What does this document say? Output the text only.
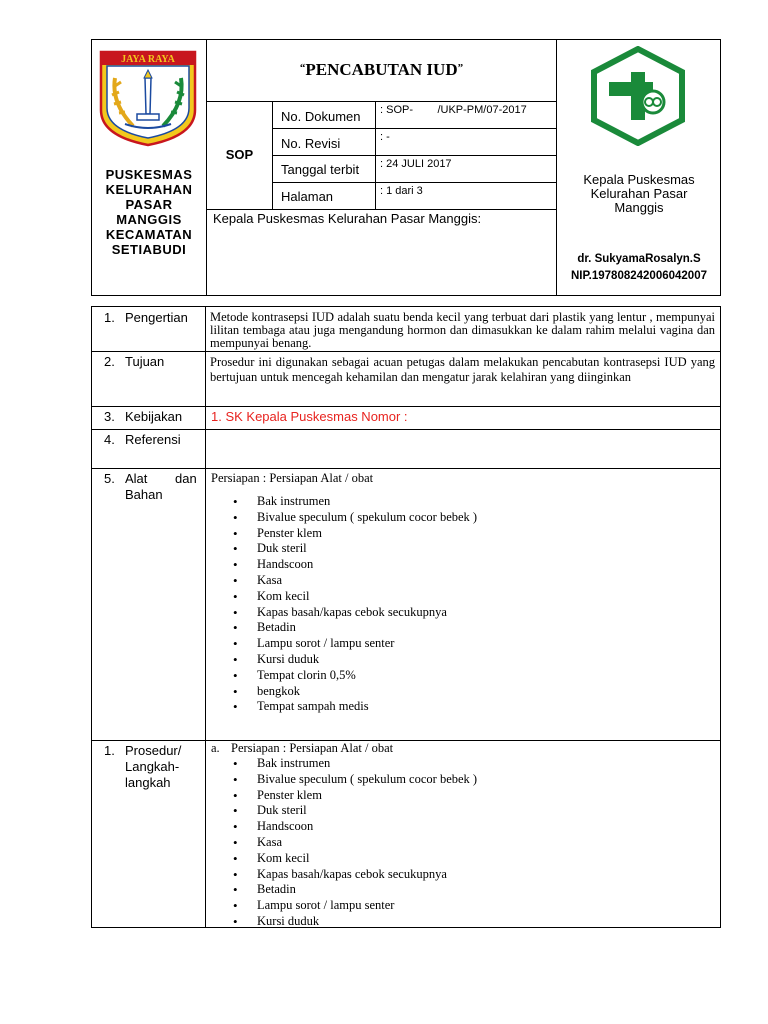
JAYA RAYA
PUSKESMAS
KELURAHAN
PASAR
MANGGIS
KECAMATAN
SETIABUDI
“PENCABUTAN IUD”
SOP
No. Dokumen : SOP-        /UKP-PM/07-2017
No. Revisi	: -
Tanggal terbit : 24 JULI 2017
Halaman	: 1 dari 3
Kepala Puskesmas Kelurahan Pasar Manggis:
Kepala Puskesmas
Kelurahan Pasar
Manggis
dr. SukyamaRosalyn.S
NIP.197808242006042007
1. Pengertian Metode kontrasepsi IUD adalah suatu benda kecil yang terbuat dari plastik yang lentur , mempunyai lilitan tembaga atau juga mengandung hormon dan dimasukkan ke dalam rahim melalui vagina dan mempunyai benang.
2. Tujuan	Prosedur ini digunakan sebagai acuan petugas dalam melakukan pencabutan kontrasepsi IUD yang bertujuan untuk mencegah kehamilan dan mengatur jarak kelahiran yang diinginkan
3. Kebijakan 1. SK Kepala Puskesmas Nomor :
4. Referensi
5. Alat dan
Bahan
Persiapan : Persiapan Alat / obat
• Bak instrumen
• Bivalue speculum ( spekulum cocor bebek )
• Penster klem
• Duk steril
• Handscoon
• Kasa
• Kom kecil
• Kapas basah/kapas cebok secukupnya
• Betadin
• Lampu sorot / lampu senter
• Kursi duduk
• Tempat clorin 0,5%
• bengkok
• Tempat sampah medis
1. Prosedur/
Langkah-
langkah
a. Persiapan : Persiapan Alat / obat
• Bak instrumen
• Bivalue speculum ( spekulum cocor bebek )
• Penster klem
• Duk steril
• Handscoon
• Kasa
• Kom kecil
• Kapas basah/kapas cebok secukupnya
• Betadin
• Lampu sorot / lampu senter
• Kursi duduk
